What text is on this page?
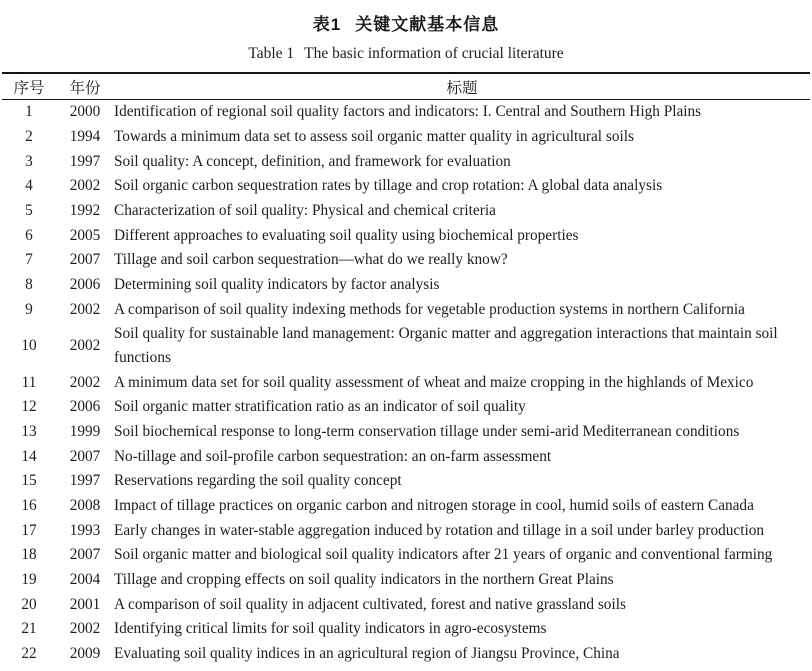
表1 关键文献基本信息
Table 1 The basic information of crucial literature
序号	年份	标题
1	2000	Identification of regional soil quality factors and indicators: I. Central and Southern High Plains
2	1994	Towards a minimum data set to assess soil organic matter quality in agricultural soils
3	1997	Soil quality: A concept, definition, and framework for evaluation
4	2002	Soil organic carbon sequestration rates by tillage and crop rotation: A global data analysis
5	1992	Characterization of soil quality: Physical and chemical criteria
6	2005	Different approaches to evaluating soil quality using biochemical properties
7	2007	Tillage and soil carbon sequestration—what do we really know?
8	2006	Determining soil quality indicators by factor analysis
9	2002	A comparison of soil quality indexing methods for vegetable production systems in northern California
10	2002	Soil quality for sustainable land management: Organic matter and aggregation interactions that maintain soil functions
11	2002	A minimum data set for soil quality assessment of wheat and maize cropping in the highlands of Mexico
12	2006	Soil organic matter stratification ratio as an indicator of soil quality
13	1999	Soil biochemical response to long-term conservation tillage under semi-arid Mediterranean conditions
14	2007	No-tillage and soil-profile carbon sequestration: an on-farm assessment
15	1997	Reservations regarding the soil quality concept
16	2008	Impact of tillage practices on organic carbon and nitrogen storage in cool, humid soils of eastern Canada
17	1993	Early changes in water-stable aggregation induced by rotation and tillage in a soil under barley production
18	2007	Soil organic matter and biological soil quality indicators after 21 years of organic and conventional farming
19	2004	Tillage and cropping effects on soil quality indicators in the northern Great Plains
20	2001	A comparison of soil quality in adjacent cultivated, forest and native grassland soils
21	2002	Identifying critical limits for soil quality indicators in agro-ecosystems
22	2009	Evaluating soil quality indices in an agricultural region of Jiangsu Province, China
